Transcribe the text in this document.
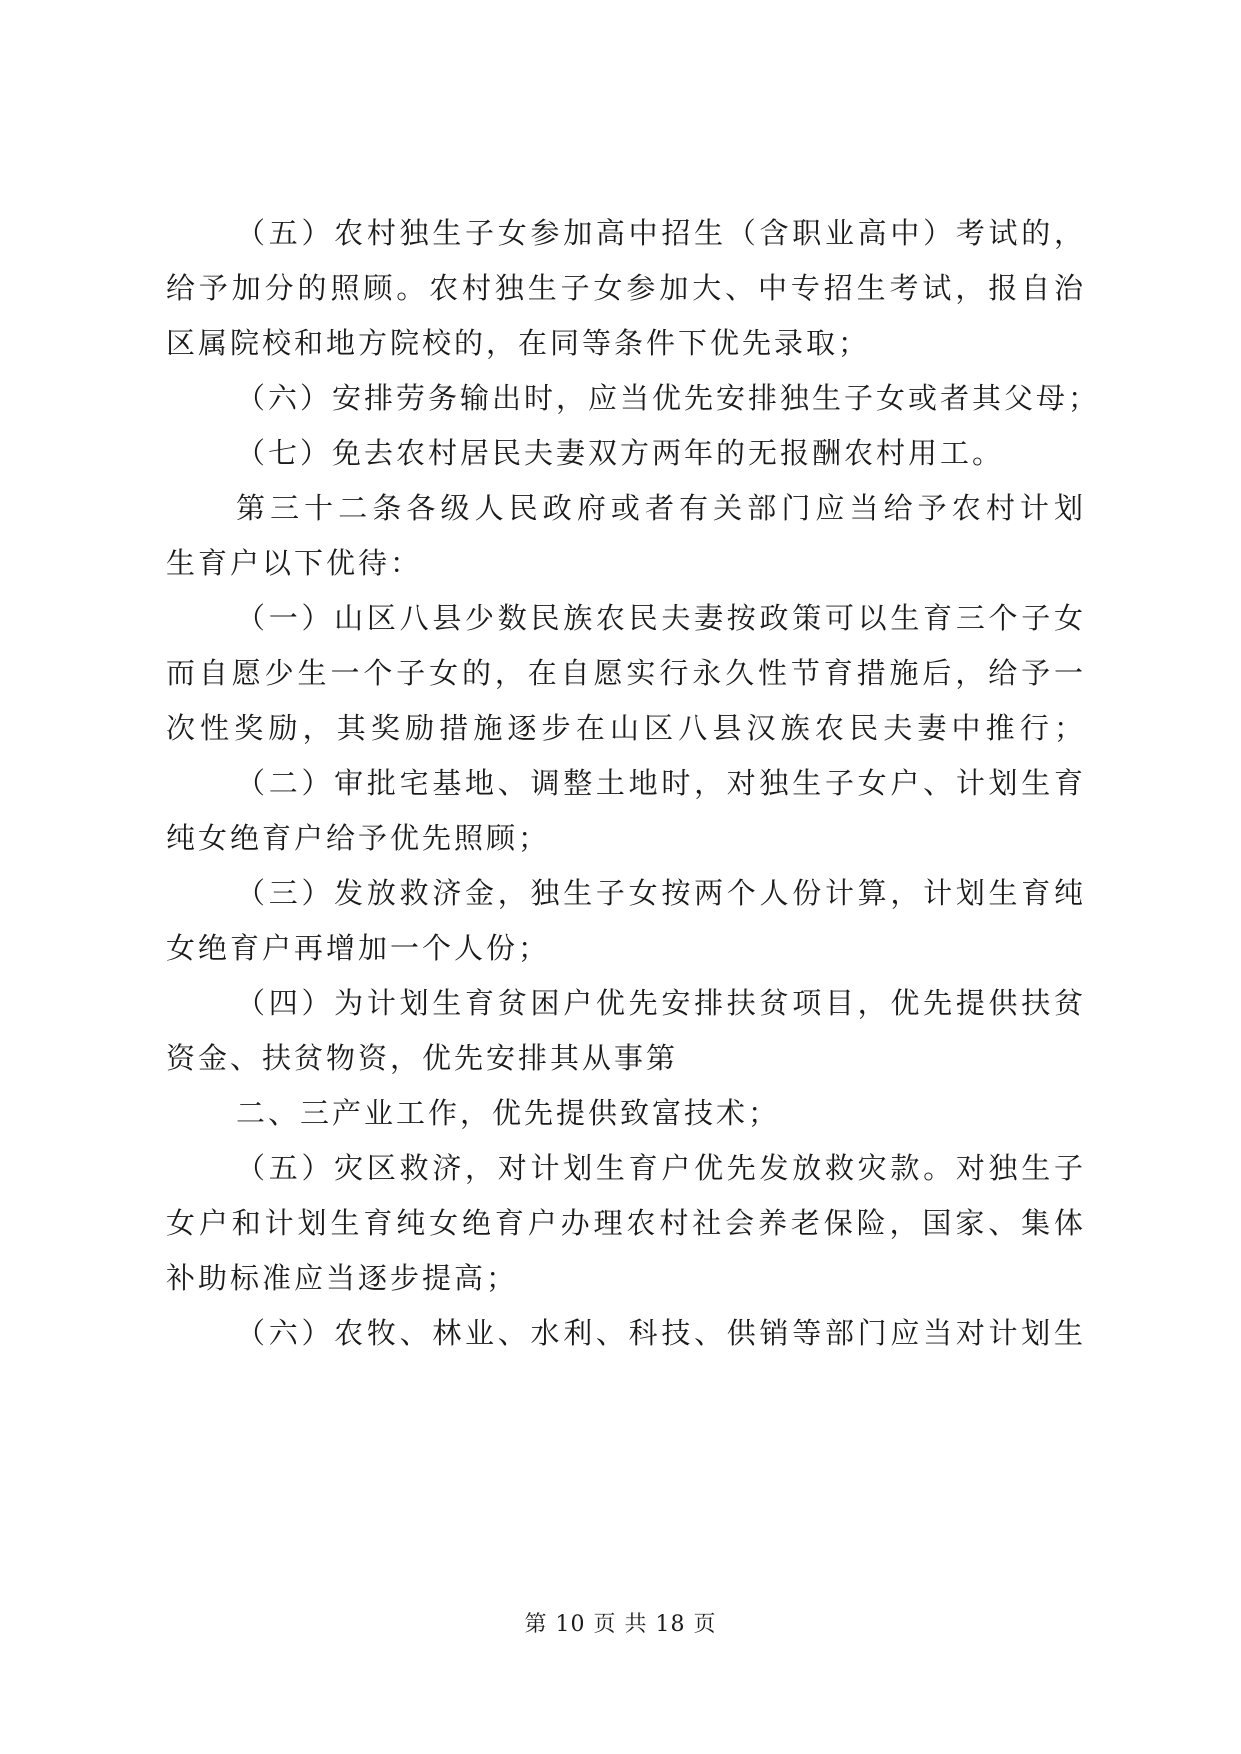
（五）农村独生子女参加高中招生（含职业高中）考试的，
给予加分的照顾。农村独生子女参加大、中专招生考试，报自治
区属院校和地方院校的，在同等条件下优先录取；
（六）安排劳务输出时，应当优先安排独生子女或者其父母；
（七）免去农村居民夫妻双方两年的无报酬农村用工。
第三十二条各级人民政府或者有关部门应当给予农村计划
生育户以下优待：
（一）山区八县少数民族农民夫妻按政策可以生育三个子女
而自愿少生一个子女的，在自愿实行永久性节育措施后，给予一
次性奖励，其奖励措施逐步在山区八县汉族农民夫妻中推行；
（二）审批宅基地、调整土地时，对独生子女户、计划生育
纯女绝育户给予优先照顾；
（三）发放救济金，独生子女按两个人份计算，计划生育纯
女绝育户再增加一个人份；
（四）为计划生育贫困户优先安排扶贫项目，优先提供扶贫
资金、扶贫物资，优先安排其从事第
二、三产业工作，优先提供致富技术；
（五）灾区救济，对计划生育户优先发放救灾款。对独生子
女户和计划生育纯女绝育户办理农村社会养老保险，国家、集体
补助标准应当逐步提高；
（六）农牧、林业、水利、科技、供销等部门应当对计划生
第 10 页 共 18 页
